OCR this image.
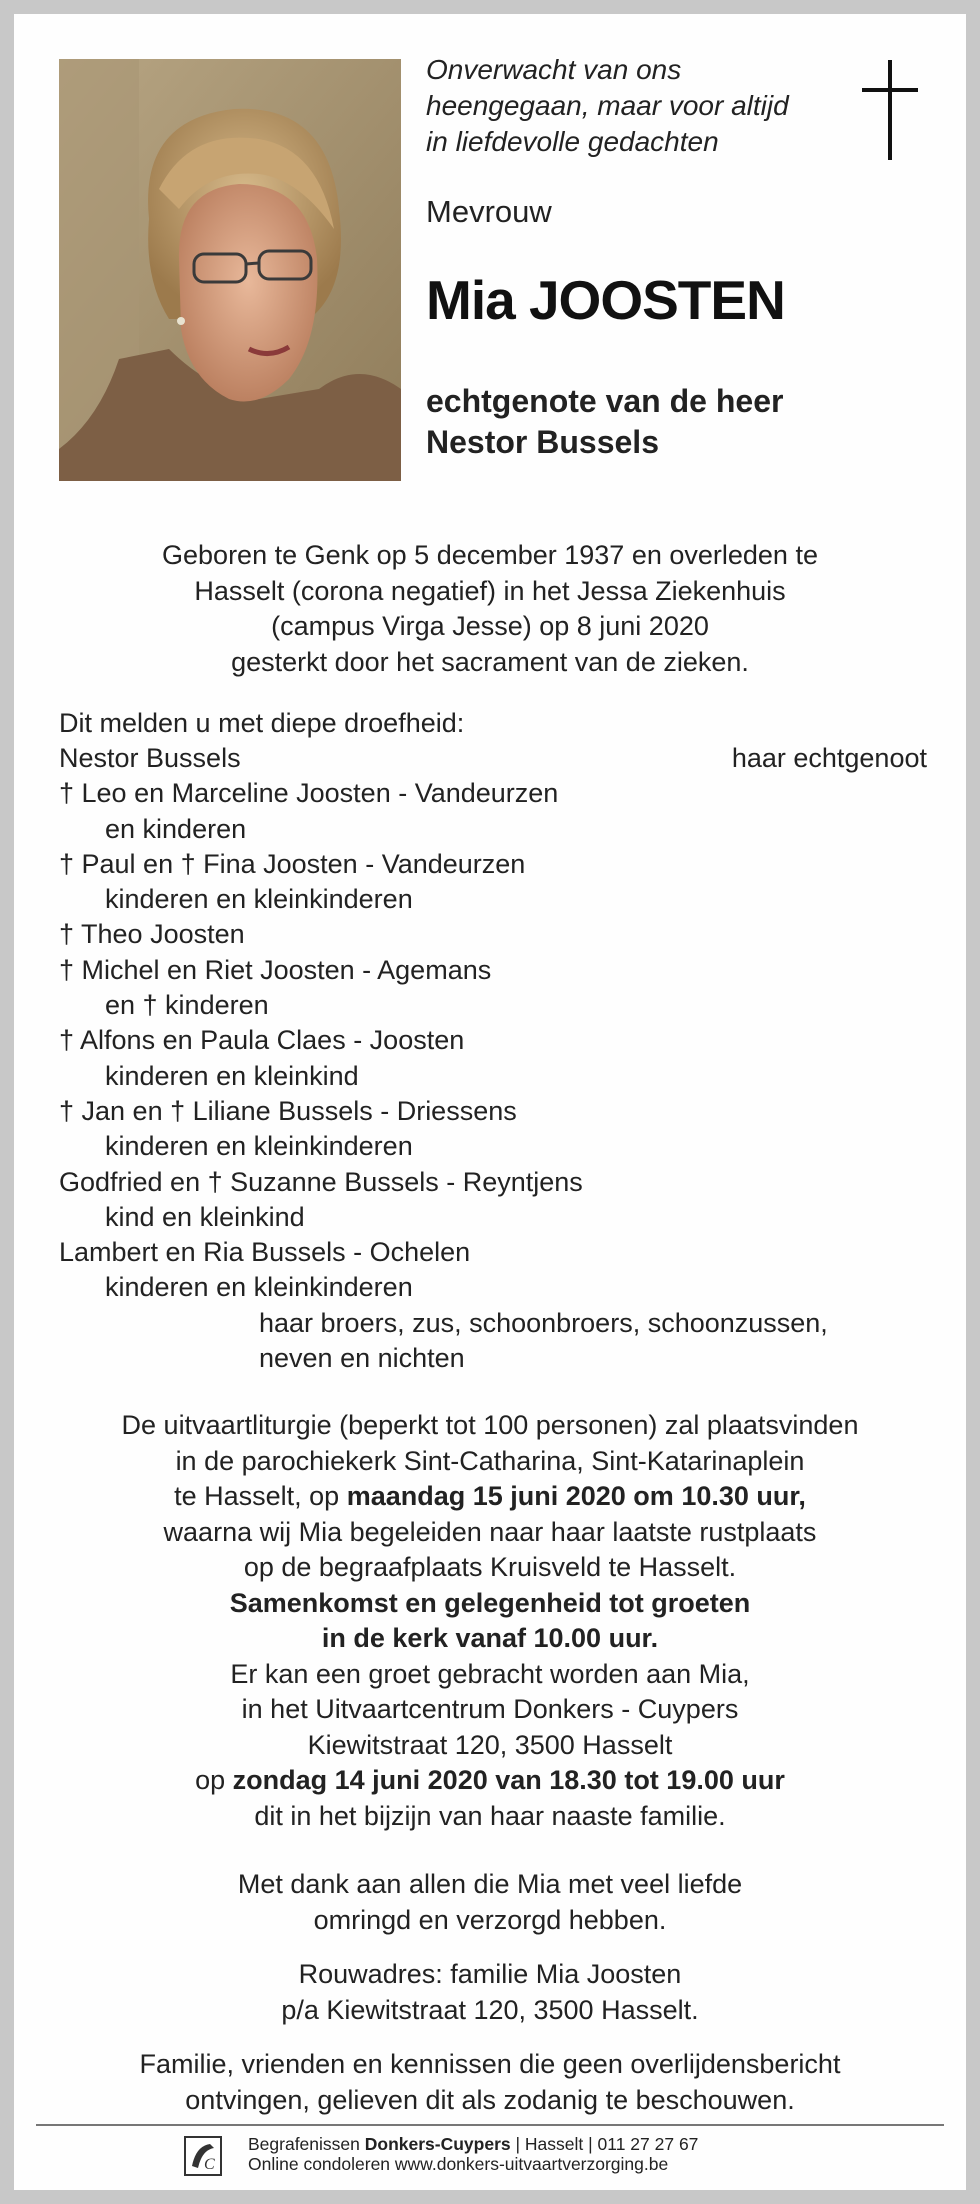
Onverwacht van ons
heengegaan, maar voor altijd
in liefdevolle gedachten
Mevrouw
Mia JOOSTEN
echtgenote van de heer
Nestor Bussels
Geboren te Genk op 5 december 1937 en overleden te
Hasselt (corona negatief) in het Jessa Ziekenhuis
(campus Virga Jesse) op 8 juni 2020
gesterkt door het sacrament van de zieken.
Dit melden u met diepe droefheid:
Nestor Bussels	haar echtgenoot
† Leo en Marceline Joosten - Vandeurzen
en kinderen
† Paul en † Fina Joosten - Vandeurzen
kinderen en kleinkinderen
† Theo Joosten
† Michel en Riet Joosten - Agemans
en † kinderen
† Alfons en Paula Claes - Joosten
kinderen en kleinkind
† Jan en † Liliane Bussels - Driessens
kinderen en kleinkinderen
Godfried en † Suzanne Bussels - Reyntjens
kind en kleinkind
Lambert en Ria Bussels - Ochelen
kinderen en kleinkinderen
haar broers, zus, schoonbroers, schoonzussen,
neven en nichten
De uitvaartliturgie (beperkt tot 100 personen) zal plaatsvinden
in de parochiekerk Sint-Catharina, Sint-Katarinaplein
te Hasselt, op maandag 15 juni 2020 om 10.30 uur,
waarna wij Mia begeleiden naar haar laatste rustplaats
op de begraafplaats Kruisveld te Hasselt.
Samenkomst en gelegenheid tot groeten
in de kerk vanaf 10.00 uur.
Er kan een groet gebracht worden aan Mia,
in het Uitvaartcentrum Donkers - Cuypers
Kiewitstraat 120, 3500 Hasselt
op zondag 14 juni 2020 van 18.30 tot 19.00 uur
dit in het bijzijn van haar naaste familie.
Met dank aan allen die Mia met veel liefde
omringd en verzorgd hebben.
Rouwadres: familie Mia Joosten
p/a Kiewitstraat 120, 3500 Hasselt.
Familie, vrienden en kennissen die geen overlijdensbericht
ontvingen, gelieven dit als zodanig te beschouwen.
C
Begrafenissen Donkers-Cuypers | Hasselt | 011 27 27 67
Online condoleren www.donkers-uitvaartverzorging.be
